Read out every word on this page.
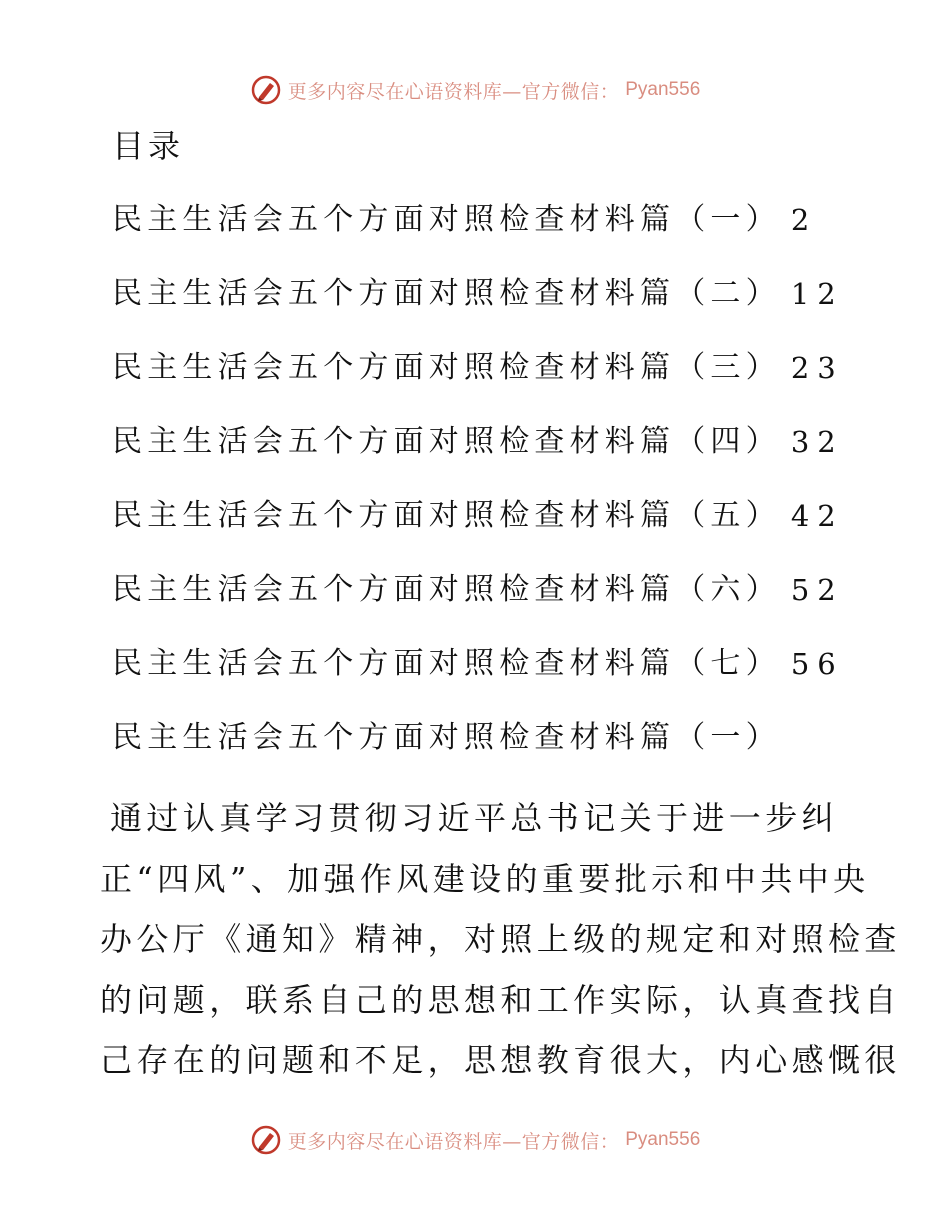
更多内容尽在心语资料库—官方微信： Pyan556
目录
民主生活会五个方面对照检查材料篇（一） 2
民主生活会五个方面对照检查材料篇（二） 12
民主生活会五个方面对照检查材料篇（三） 23
民主生活会五个方面对照检查材料篇（四） 32
民主生活会五个方面对照检查材料篇（五） 42
民主生活会五个方面对照检查材料篇（六） 52
民主生活会五个方面对照检查材料篇（七） 56
民主生活会五个方面对照检查材料篇（一）
通过认真学习贯彻习近平总书记关于进一步纠
正“四风”、加强作风建设的重要批示和中共中央
办公厅《通知》精神，对照上级的规定和对照检查
的问题，联系自己的思想和工作实际，认真查找自
己存在的问题和不足，思想教育很大，内心感慨很
更多内容尽在心语资料库—官方微信： Pyan556
